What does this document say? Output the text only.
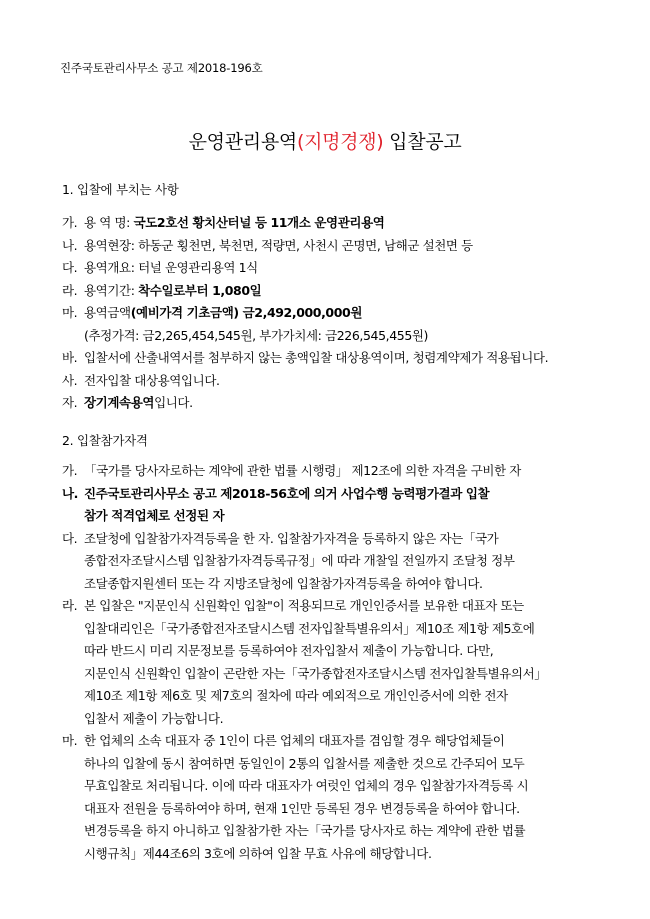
진주국토관리사무소 공고 제2018-196호
운영관리용역(지명경쟁) 입찰공고
1. 입찰에 부치는 사항
가. 용 역 명: 국도2호선 황치산터널 등 11개소 운영관리용역
나. 용역현장: 하동군 횡천면, 북천면, 적량면, 사천시 곤명면, 남해군 설천면 등
다. 용역개요: 터널 운영관리용역 1식
라. 용역기간: 착수일로부터 1,080일
마. 용역금액(예비가격 기초금액) 금2,492,000,000원
(추정가격: 금2,265,454,545원, 부가가치세: 금226,545,455원)
바. 입찰서에 산출내역서를 첨부하지 않는 총액입찰 대상용역이며, 청렴계약제가 적용됩니다.
사. 전자입찰 대상용역입니다.
자. 장기계속용역입니다.
2. 입찰참가자격
가. 「국가를 당사자로하는 계약에 관한 법률 시행령」 제12조에 의한 자격을 구비한 자
나. 진주국토관리사무소 공고 제2018-56호에 의거 사업수행 능력평가결과 입찰
참가 적격업체로 선정된 자
다. 조달청에 입찰참가자격등록을 한 자. 입찰참가자격을 등록하지 않은 자는「국가
종합전자조달시스템 입찰참가자격등록규정」에 따라 개찰일 전일까지 조달청 정부
조달종합지원센터 또는 각 지방조달청에 입찰참가자격등록을 하여야 합니다.
라. 본 입찰은 "지문인식 신원확인 입찰"이 적용되므로 개인인증서를 보유한 대표자 또는
입찰대리인은「국가종합전자조달시스템 전자입찰특별유의서」제10조 제1항 제5호에
따라 반드시 미리 지문정보를 등록하여야 전자입찰서 제출이 가능합니다. 다만,
지문인식 신원확인 입찰이 곤란한 자는「국가종합전자조달시스템 전자입찰특별유의서」
제10조 제1항 제6호 및 제7호의 절차에 따라 예외적으로 개인인증서에 의한 전자
입찰서 제출이 가능합니다.
마. 한 업체의 소속 대표자 중 1인이 다른 업체의 대표자를 겸임할 경우 해당업체들이
하나의 입찰에 동시 참여하면 동일인이 2통의 입찰서를 제출한 것으로 간주되어 모두
무효입찰로 처리됩니다. 이에 따라 대표자가 여럿인 업체의 경우 입찰참가자격등록 시
대표자 전원을 등록하여야 하며, 현재 1인만 등록된 경우 변경등록을 하여야 합니다.
변경등록을 하지 아니하고 입찰참가한 자는「국가를 당사자로 하는 계약에 관한 법률
시행규칙」제44조6의 3호에 의하여 입찰 무효 사유에 해당합니다.
